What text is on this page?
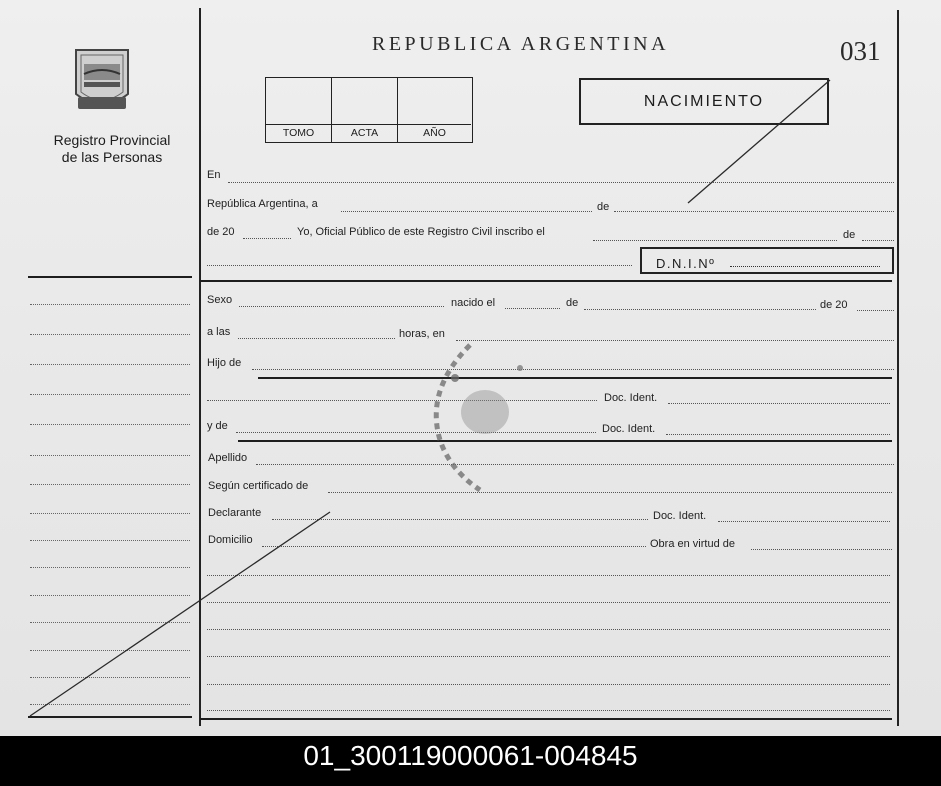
Registro Provincial
de las Personas
REPUBLICA ARGENTINA	031
TOMO	ACTA	AÑO
NACIMIENTO
En
República Argentina, a	de
de 20	Yo, Oficial Público de este Registro Civil inscribo el	de
D.N.I.Nº
Sexo	nacido el	de	de 20
a las	horas, en
Hijo de
Doc. Ident.
y de	Doc. Ident.
Apellido
Según certificado de
Declarante	Doc. Ident.
Domicilio	Obra en virtud de
01_300119000061-004845
